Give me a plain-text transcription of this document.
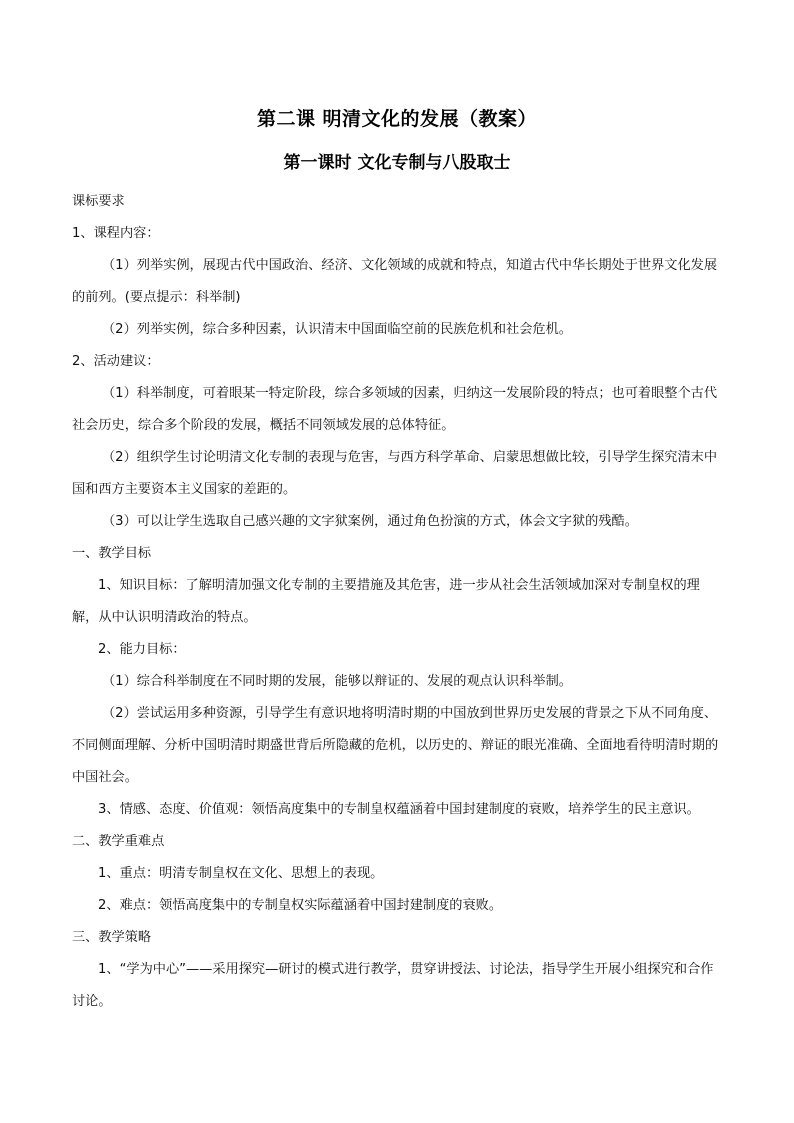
第二课 明清文化的发展（教案）
第一课时 文化专制与八股取士

课标要求

1、课程内容：

（1）列举实例，展现古代中国政治、经济、文化领域的成就和特点，知道古代中华长期处于世界文化发展的前列。(要点提示：科举制)

（2）列举实例，综合多种因素，认识清末中国面临空前的民族危机和社会危机。

2、活动建议：

（1）科举制度，可着眼某一特定阶段，综合多领域的因素，归纳这一发展阶段的特点；也可着眼整个古代社会历史，综合多个阶段的发展，概括不同领域发展的总体特征。

（2）组织学生讨论明清文化专制的表现与危害，与西方科学革命、启蒙思想做比较，引导学生探究清末中国和西方主要资本主义国家的差距的。

（3）可以让学生选取自己感兴趣的文字狱案例，通过角色扮演的方式，体会文字狱的残酷。

一、教学目标

1、知识目标：了解明清加强文化专制的主要措施及其危害，进一步从社会生活领域加深对专制皇权的理解，从中认识明清政治的特点。

2、能力目标：

（1）综合科举制度在不同时期的发展，能够以辩证的、发展的观点认识科举制。

（2）尝试运用多种资源，引导学生有意识地将明清时期的中国放到世界历史发展的背景之下从不同角度、不同侧面理解、分析中国明清时期盛世背后所隐藏的危机，以历史的、辩证的眼光准确、全面地看待明清时期的中国社会。

3、情感、态度、价值观：领悟高度集中的专制皇权蕴涵着中国封建制度的衰败，培养学生的民主意识。

二、教学重难点

1、重点：明清专制皇权在文化、思想上的表现。

2、难点：领悟高度集中的专制皇权实际蕴涵着中国封建制度的衰败。

三、教学策略

1、“学为中心”——采用探究—研讨的模式进行教学，贯穿讲授法、讨论法，指导学生开展小组探究和合作讨论。
